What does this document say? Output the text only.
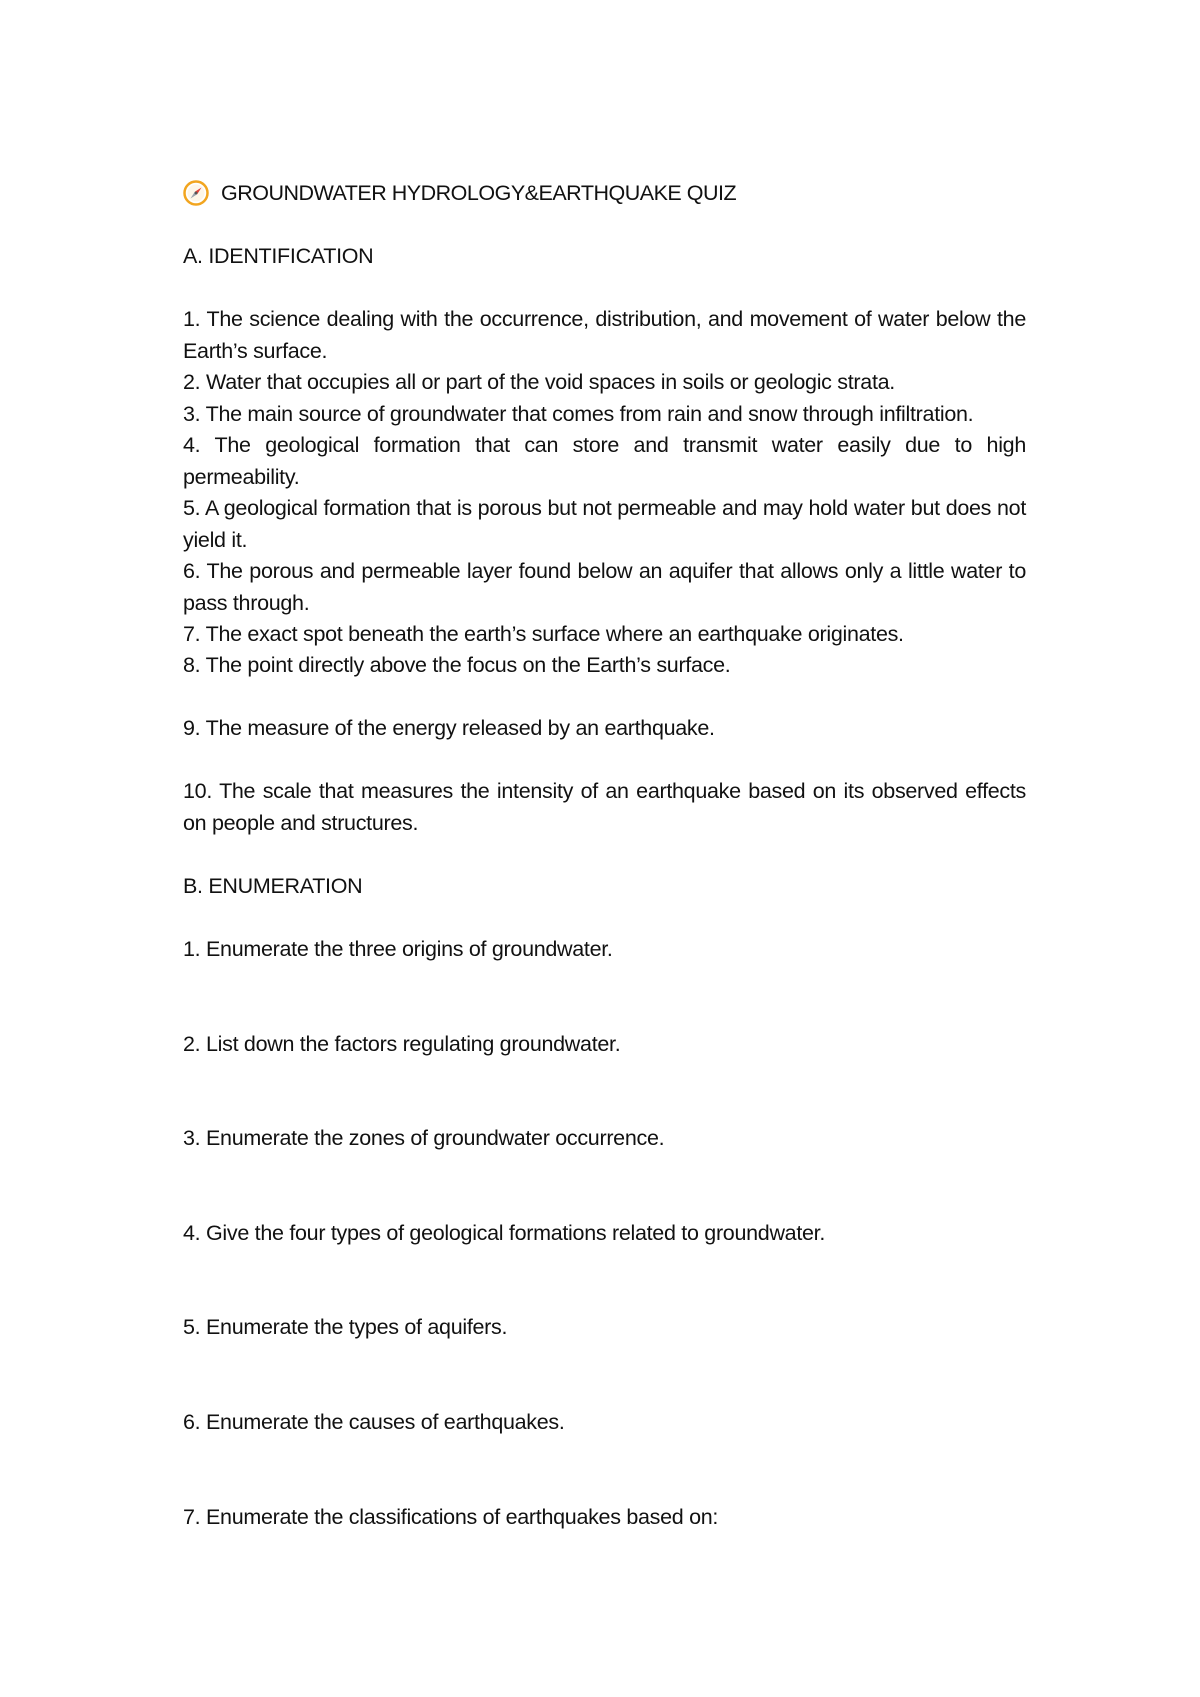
GROUNDWATER HYDROLOGY&EARTHQUAKE QUIZ
A. IDENTIFICATION
1. The science dealing with the occurrence, distribution, and movement of water below the Earth’s surface.
2. Water that occupies all or part of the void spaces in soils or geologic strata.
3. The main source of groundwater that comes from rain and snow through infiltration.
4. The geological formation that can store and transmit water easily due to high permeability.
5. A geological formation that is porous but not permeable and may hold water but does not yield it.
6. The porous and permeable layer found below an aquifer that allows only a little water to pass through.
7. The exact spot beneath the earth’s surface where an earthquake originates.
8. The point directly above the focus on the Earth’s surface.
9. The measure of the energy released by an earthquake.
10. The scale that measures the intensity of an earthquake based on its observed effects on people and structures.
B. ENUMERATION
1. Enumerate the three origins of groundwater.
2. List down the factors regulating groundwater.
3. Enumerate the zones of groundwater occurrence.
4. Give the four types of geological formations related to groundwater.
5. Enumerate the types of aquifers.
6. Enumerate the causes of earthquakes.
7. Enumerate the classifications of earthquakes based on:
